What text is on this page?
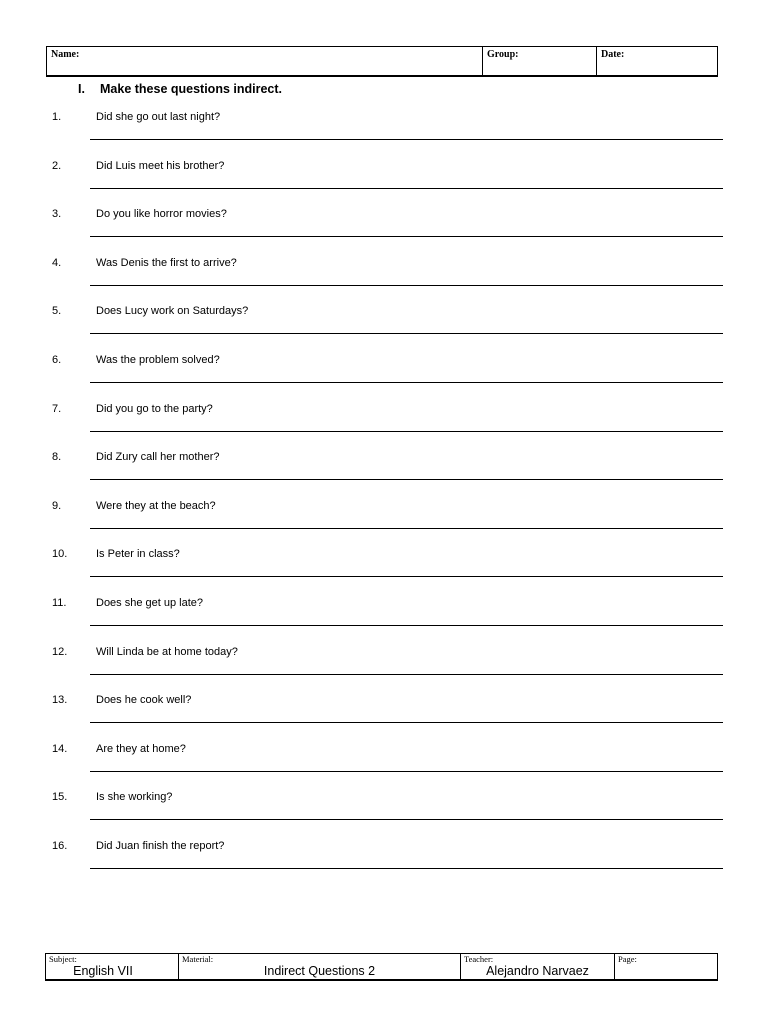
Name:	Group:	Date:
I. Make these questions indirect.
1.	Did she go out last night?
2.	Did Luis meet his brother?
3.	Do you like horror movies?
4.	Was Denis the first to arrive?
5.	Does Lucy work on Saturdays?
6.	Was the problem solved?
7.	Did you go to the party?
8.	Did Zury call her mother?
9.	Were they at the beach?
10.	Is Peter in class?
11.	Does she get up late?
12.	Will Linda be at home today?
13.	Does he cook well?
14.	Are they at home?
15.	Is she working?
16.	Did Juan finish the report?
Subject:
English VII
Material:
Indirect Questions 2
Teacher:
Alejandro Narvaez
Page:
